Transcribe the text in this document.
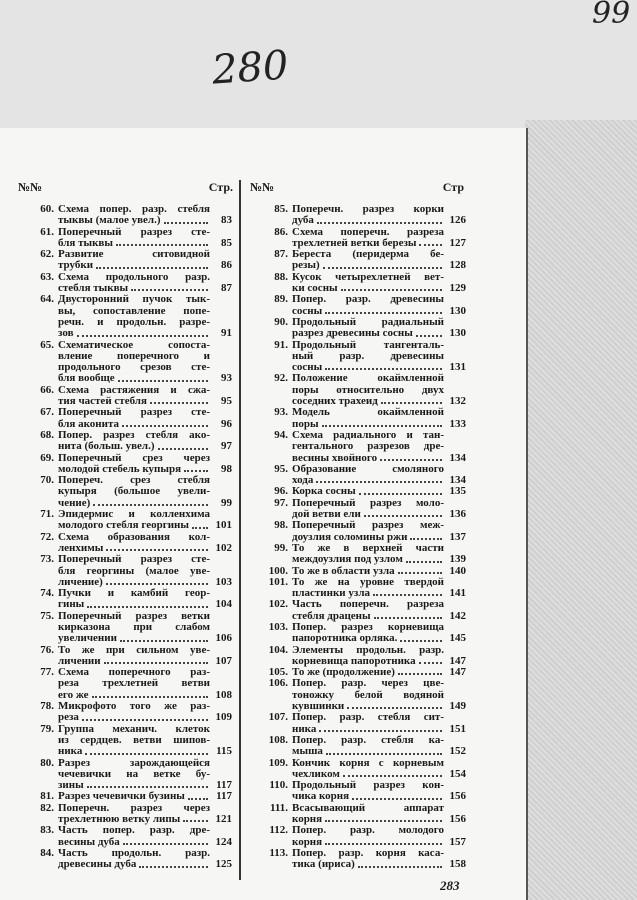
280
99
№№	Стр.
60. Схема попер. разр. стебля
тыквы (малое увел.)	83
61. Поперечный разрез сте-
бля тыквы	85
62. Развитие ситовидной
трубки	86
63. Схема продольного разр.
стебля тыквы	87
64. Двусторонний пучок тык-
вы, сопоставление попе-
речн. и продольн. разре-
зов	91
65. Схематическое сопоста-
вление поперечного и
продольного срезов сте-
бля вообще	93
66. Схема растяжения и сжа-
тия частей стебля	95
67. Поперечный разрез сте-
бля аконита	96
68. Попер. разрез стебля ако-
нита (больш. увел.)	97
69. Поперечный срез через
молодой стебель купыря	98
70. Попереч. срез стебля
купыря (большое увели-
чение)	99
71. Эпидермис и колленхима
молодого стебля георгины	101
72. Схема образования кол-
ленхимы	102
73. Поперечный разрез сте-
бля георгины (малое уве-
личение)	103
74. Пучки и камбий геор-
гины	104
75. Поперечный разрез ветки
кирказона при слабом
увеличении	106
76. То же при сильном уве-
личении	107
77. Схема поперечного раз-
реза трехлетней ветви
его же	108
78. Микрофото того же раз-
реза	109
79. Группа механич. клеток
из сердцев. ветви шипов-
ника	115
80. Разрез зарождающейся
чечевички на ветке бу-
зины	117
81. Разрез чечевички бузины	117
82. Поперечн. разрез через
трехлетнюю ветку липы	121
83. Часть попер. разр. дре-
весины дуба	124
84. Часть продольн. разр.
древесины дуба	125
№№	Стр
85. Поперечн. разрез корки
дуба	126
86. Схема поперечн. разреза
трехлетней ветки березы	127
87. Береста (перидерма бе-
резы)	128
88. Кусок четырехлетней вет-
ки сосны	129
89. Попер. разр. древесины
сосны	130
90. Продольный радиальный
разрез древесины сосны	130
91. Продольный тангенталь-
ный разр. древесины
сосны	131
92. Положение окаймленной
поры относительно двух
соседних трахеид	132
93. Модель окаймленной
поры	133
94. Схема радиального и тан-
гентального разрезов дре-
весины хвойного	134
95. Образование смоляного
хода	134
96. Корка сосны	135
97. Поперечный разрез моло-
дой ветви ели	136
98. Поперечный разрез меж-
доузлия соломины ржи	137
99. То же в верхней части
междоузлия под узлом	139
100. То же в области узла	140
101. То же на уровне твердой
пластинки узла	141
102. Часть поперечн. разреза
стебля драцены	142
103. Попер. разрез корневища
папоротника орляка.	145
104. Элементы продольн. разр.
корневища папоротника	147
105. То же (продолжение)	147
106. Попер. разр. через цве-
тоножку белой водяной
кувшинки	149
107. Попер. разр. стебля сит-
ника	151
108. Попер. разр. стебля ка-
мыша	152
109. Кончик корня с корневым
чехликом	154
110. Продольный разрез кон-
чика корня	156
111. Всасывающий аппарат
корня	156
112. Попер. разр. молодого
корня	157
113. Попер. разр. корня каса-
тика (ириса)	158
283
